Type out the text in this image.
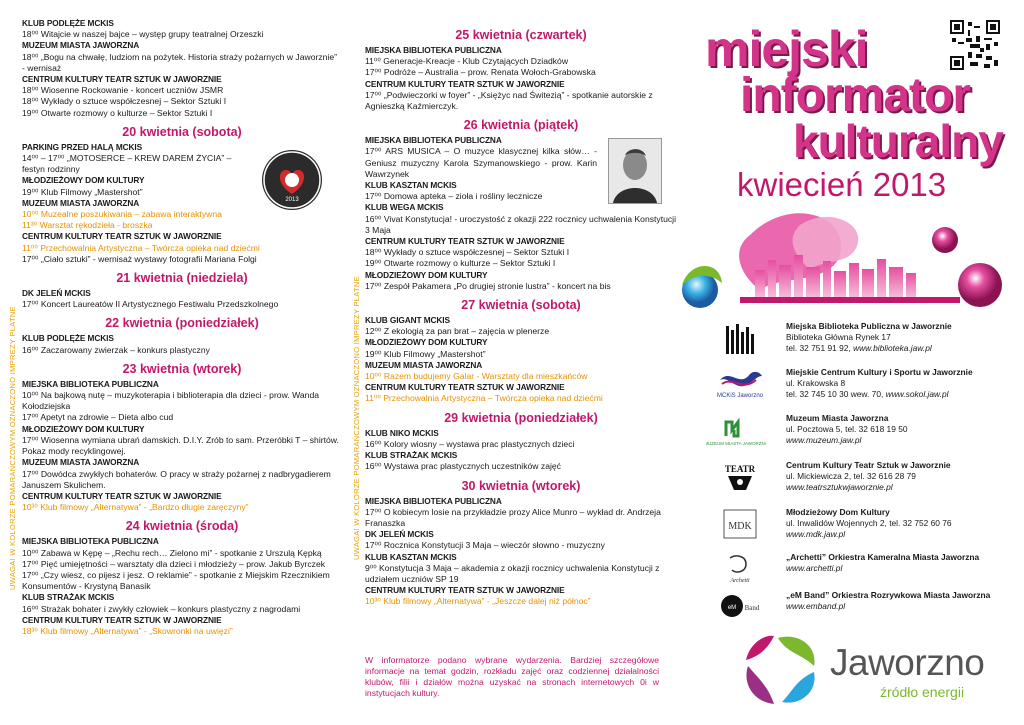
UWAGA! W KOLORZE POMARAŃCZOWYM OZNACZONO IMPREZY PŁATNE	UWAGA! W KOLORZE POMARAŃCZOWYM OZNACZONO IMPREZY PŁATNE
KLUB PODLĘŻE MCKIS
18⁰⁰ Witajcie w naszej bajce – występ grupy teatralnej Orzeszki
MUZEUM MIASTA JAWORZNA
18⁰⁰ „Bogu na chwałę, ludziom na pożytek. Historia straży pożarnych w Jaworznie” - wernisaż
CENTRUM KULTURY TEATR SZTUK W JAWORZNIE
18⁰⁰ Wiosenne Rockowanie - koncert uczniów JSMR
18⁰⁰ Wykłady o sztuce współczesnej – Sektor Sztuki I
19⁰⁰ Otwarte rozmowy o kulturze – Sektor Sztuki I
20 kwietnia (sobota)
PARKING PRZED HALĄ MCKIS
14⁰⁰ – 17⁰⁰ „MOTOSERCE – KREW DAREM ŻYCIA” – festyn rodzinny
MŁODZIEŻOWY DOM KULTURY
19⁰⁰ Klub Filmowy „Mastershot”
MUZEUM MIASTA JAWORZNA
10⁰⁰ Muzealne poszukiwania – zabawa interaktywna
11³⁰ Warsztat rękodzieła - broszka
CENTRUM KULTURY TEATR SZTUK W JAWORZNIE
11⁰⁰ Przechowalnia Artystyczna – Twórcza opieka nad dziećmi
17⁰⁰ „Ciało sztuki” - wernisaż wystawy fotografii Mariana Folgi
21 kwietnia (niedziela)
DK JELEŃ MCKIS
17⁰⁰ Koncert Laureatów II Artystycznego Festiwalu Przedszkolnego
22 kwietnia (poniedziałek)
KLUB PODLĘŻE MCKIS
16⁰⁰ Zaczarowany zwierzak – konkurs plastyczny
23 kwietnia (wtorek)
MIEJSKA BIBLIOTEKA PUBLICZNA
10⁰⁰ Na bajkową nutę – muzykoterapia i biblioterapia dla dzieci - prow. Wanda Kołodziejska
17⁰⁰ Apetyt na zdrowie – Dieta albo cud
MŁODZIEŻOWY DOM KULTURY
17⁰⁰ Wiosenna wymiana ubrań damskich. D.I.Y. Zrób to sam. Przeróbki T – shirtów. Pokaz mody recyklingowej.
MUZEUM MIASTA JAWORZNA
17⁰⁰ Dowódca zwykłych bohaterów. O pracy w straży pożarnej z nadbrygadierem Januszem Skulichem.
CENTRUM KULTURY TEATR SZTUK W JAWORZNIE
10³⁰ Klub filmowy „Alternatywa” - „Bardzo długie zaręczyny”
24 kwietnia (środa)
MIEJSKA BIBLIOTEKA PUBLICZNA
10⁰⁰ Zabawa w Kępę – „Rechu rech… Zielono mi” - spotkanie z Urszulą Kępką
17⁰⁰ Pięć umiejętności – warsztaty dla dzieci i młodzieży – prow. Jakub Byrczek
17⁰⁰ „Czy wiesz, co pijesz i jesz. O reklamie” - spotkanie z Miejskim Rzecznikiem Konsumentów - Krystyną Banasik
KLUB STRAŻAK MCKIS
16⁰⁰ Strażak bohater i zwykły człowiek – konkurs plastyczny z nagrodami
CENTRUM KULTURY TEATR SZTUK W JAWORZNIE
18³⁰ Klub filmowy „Alternatywa” - „Skowronki na uwięzi”
25 kwietnia (czwartek)
MIEJSKA BIBLIOTEKA PUBLICZNA
11⁰⁰ Generacje-Kreacje - Klub Czytających Dziadków
17⁰⁰ Podróże – Australia – prow. Renata Wołoch-Grabowska
CENTRUM KULTURY TEATR SZTUK W JAWORZNIE
17⁰⁰ „Podwieczorki w foyer” - „Księżyc nad Świtezią” - spotkanie autorskie z Agnieszką Kaźmierczyk.
26 kwietnia (piątek)
MIEJSKA BIBLIOTEKA PUBLICZNA
17⁰⁰ ARS MUSICA – O muzyce klasycznej kilka słów… - Geniusz muzyczny Karola Szymanowskiego - prow. Karin Wawrzynek
KLUB KASZTAN MCKIS
17⁰⁰ Domowa apteka – zioła i rośliny lecznicze
KLUB WEGA MCKIS
16⁰⁰ Vivat Konstytucja! - uroczystość z okazji 222 rocznicy uchwalenia Konstytucji 3 Maja
CENTRUM KULTURY TEATR SZTUK W JAWORZNIE
18⁰⁰ Wykłady o sztuce współczesnej – Sektor Sztuki I
19⁰⁰ Otwarte rozmowy o kulturze – Sektor Sztuki I
MŁODZIEŻOWY DOM KULTURY
17⁰⁰ Zespół Pakamera „Po drugiej stronie lustra” - koncert na bis
27 kwietnia (sobota)
KLUB GIGANT MCKIS
12⁰⁰ Z ekologią za pan brat – zajęcia w plenerze
MŁODZIEŻOWY DOM KULTURY
19⁰⁰ Klub Filmowy „Mastershot”
MUZEUM MIASTA JAWORZNA
10⁰⁰ Razem budujemy Galar - Warsztaty dla mieszkańców
CENTRUM KULTURY TEATR SZTUK W JAWORZNIE
11⁰⁰ Przechowalnia Artystyczna – Twórcza opieka nad dziećmi
29 kwietnia (poniedziałek)
KLUB NIKO MCKIS
16⁰⁰ Kolory wiosny – wystawa prac plastycznych dzieci
KLUB STRAŻAK MCKIS
16⁰⁰ Wystawa prac plastycznych uczestników zajęć
30 kwietnia (wtorek)
MIEJSKA BIBLIOTEKA PUBLICZNA
17⁰⁰ O kobiecym losie na przykładzie prozy Alice Munro – wykład dr. Andrzeja Franaszka
DK JELEŃ MCKIS
17⁰⁰ Rocznica Konstytucji 3 Maja – wieczór słowno - muzyczny
KLUB KASZTAN MCKIS
9⁰⁰ Konstytucja 3 Maja – akademia z okazji rocznicy uchwalenia Konstytucji z udziałem uczniów SP 19
CENTRUM KULTURY TEATR SZTUK W JAWORZNIE
10³⁰ Klub filmowy „Alternatywa” - „Jeszcze dalej niż północ”
W informatorze podano wybrane wydarzenia. Bardziej szczegółowe informacje na temat godzin, rozkładu zajęć oraz codziennej działalności klubów, filii i działów można uzyskać na stronach internetowych 0i w instytucjach kultury.
2013
miejski
informator
kulturalny
kwiecień 2013
Miejska Biblioteka Publiczna w Jaworznie
Biblioteka Główna Rynek 17
tel. 32 751 91 92, www.biblioteka.jaw.pl
MCKiS Jaworzno
Miejskie Centrum Kultury i Sportu w Jaworznie
ul. Krakowska 8
tel. 32 745 10 30 wew. 70, www.sokol.jaw.pl
MUZEUM MIASTA JAWORZNA
Muzeum Miasta Jaworzna
ul. Pocztowa 5, tel. 32 618 19 50
www.muzeum.jaw.pl
TEATR	Centrum Kultury Teatr Sztuk w Jaworznie
ul. Mickiewicza 2, tel. 32 616 28 79
www.teatrsztukwjaworznie.pl
MDK
Młodzieżowy Dom Kultury
ul. Inwalidów Wojennych 2, tel. 32 752 60 76
www.mdk.jaw.pl
Archetti
„Archetti” Orkiestra Kameralna Miasta Jaworzna
www.archetti.pl
eM Band
„eM Band” Orkiestra Rozrywkowa Miasta Jaworzna
www.emband.pl
Jaworzno
źródło energii
